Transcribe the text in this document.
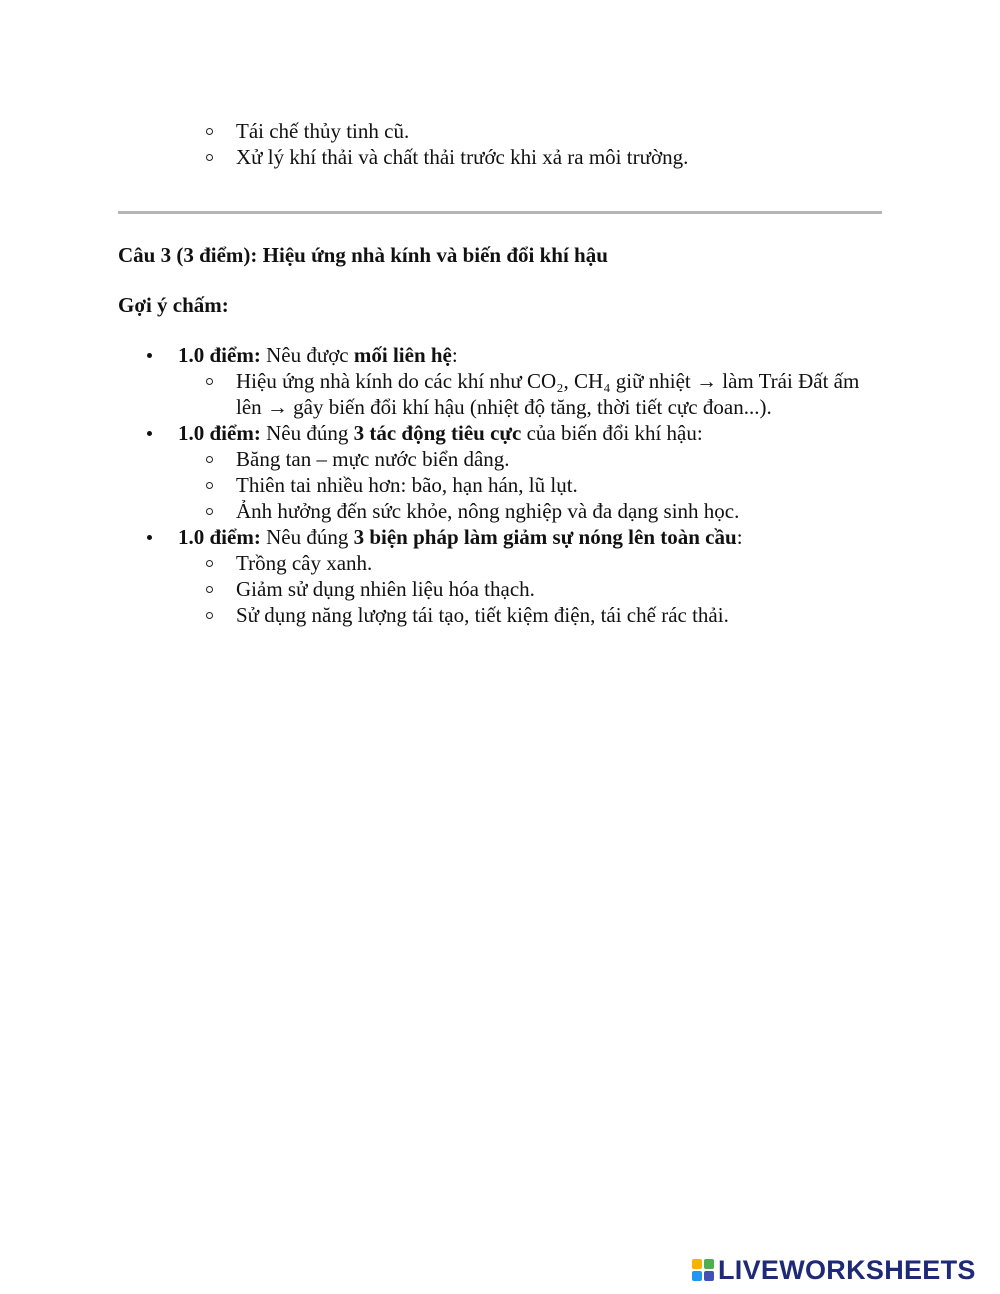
Tái chế thủy tinh cũ.
Xử lý khí thải và chất thải trước khi xả ra môi trường.
Câu 3 (3 điểm): Hiệu ứng nhà kính và biến đổi khí hậu
Gợi ý chấm:
1.0 điểm: Nêu được mối liên hệ:
Hiệu ứng nhà kính do các khí như CO₂, CH₄ giữ nhiệt → làm Trái Đất ấm lên → gây biến đổi khí hậu (nhiệt độ tăng, thời tiết cực đoan...).
1.0 điểm: Nêu đúng 3 tác động tiêu cực của biến đổi khí hậu:
Băng tan – mực nước biển dâng.
Thiên tai nhiều hơn: bão, hạn hán, lũ lụt.
Ảnh hưởng đến sức khỏe, nông nghiệp và đa dạng sinh học.
1.0 điểm: Nêu đúng 3 biện pháp làm giảm sự nóng lên toàn cầu:
Trồng cây xanh.
Giảm sử dụng nhiên liệu hóa thạch.
Sử dụng năng lượng tái tạo, tiết kiệm điện, tái chế rác thải.
LIVEWORKSHEETS
